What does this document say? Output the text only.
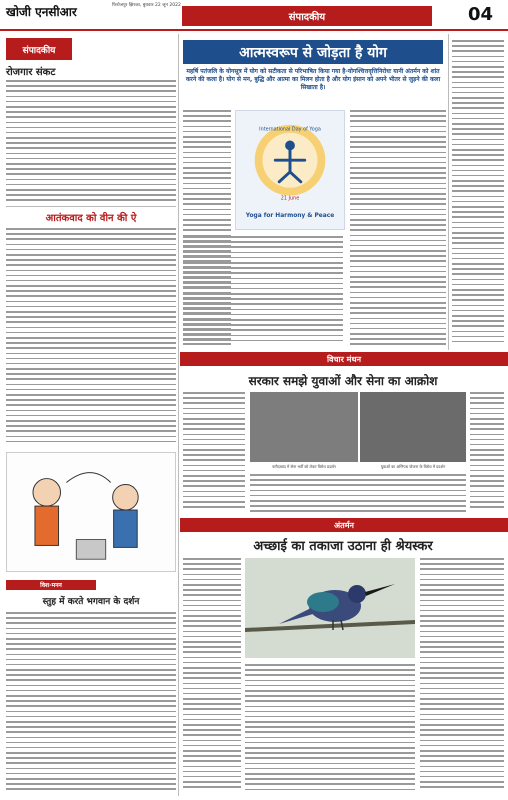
खोजी एनसीआर	फिरोजपुर झिरका, बुधवार 22 जून 2022
संपादकीय	04
संपादकीय
रोजगार संकट
आतंकवाद को वीन की ऐ
विश-मनन
स्तुह में करते भगवान के दर्शन
आत्मस्वरूप से जोड़ता है योग
महर्षि पतंजलि के योगसूत्र में योग को सटीकता से परिभाषित किया गया है-योगश्चित्तवृत्तिनिरोधः यानी अंतर्मन को शांत करने की कला है। योग से मन, बुद्धि और आत्मा का मिलन होता है और योग इंसान को अपने भीतर से जुड़ने की कला सिखाता है।
International Day of Yoga
21 June
Yoga for Harmony & Peace
विचार मंथन
सरकार समझे युवाओं और सेना का आक्रोश
फरीदाबाद में सेना भर्ती को लेकर विरोध प्रदर्शन	युवाओं का अग्निपथ योजना के विरोध में प्रदर्शन
अंतर्मन
अच्छाई का तकाजा उठाना ही श्रेयस्कर
